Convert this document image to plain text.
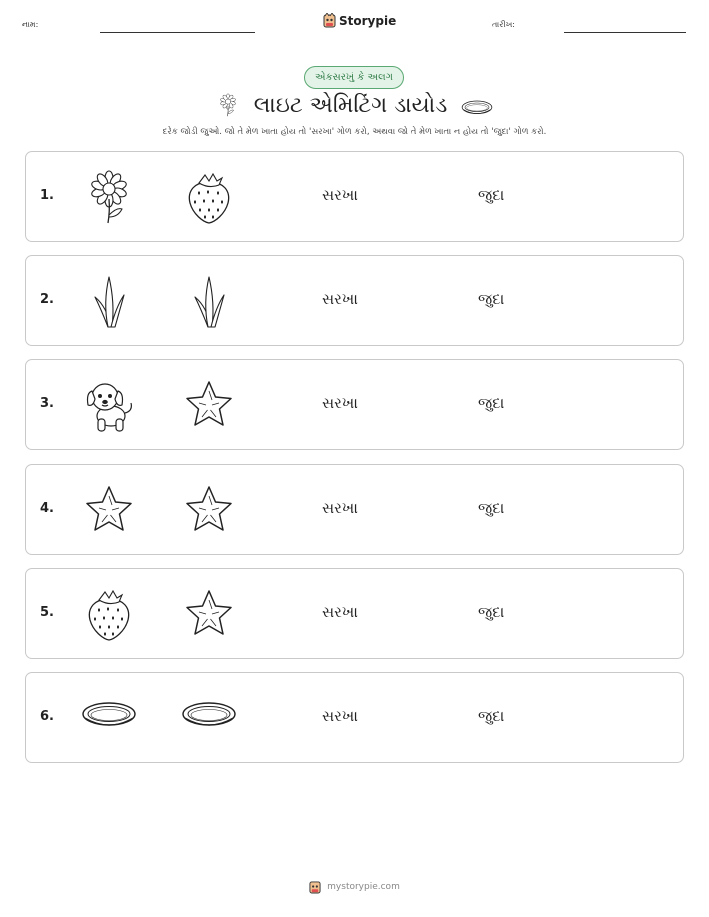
નામ:	Storypie	તારીખ:
એકસરખું કે અલગ
લાઇટ એમિટિંગ ડાયોડ
દરેક જોડી જુઓ. જો તે મેળ ખાતા હોય તો 'સરખા' ગોળ કરો, અથવા જો તે મેળ ખાતા ન હોય તો 'જુદા' ગોળ કરો.
1.	સરખા	જુદા
2.	સરખા	જુદા
3.	સરખા	જુદા
4.	સરખા	જુદા
5.	સરખા	જુદા
6.	સરખા	જુદા
mystorypie.com
